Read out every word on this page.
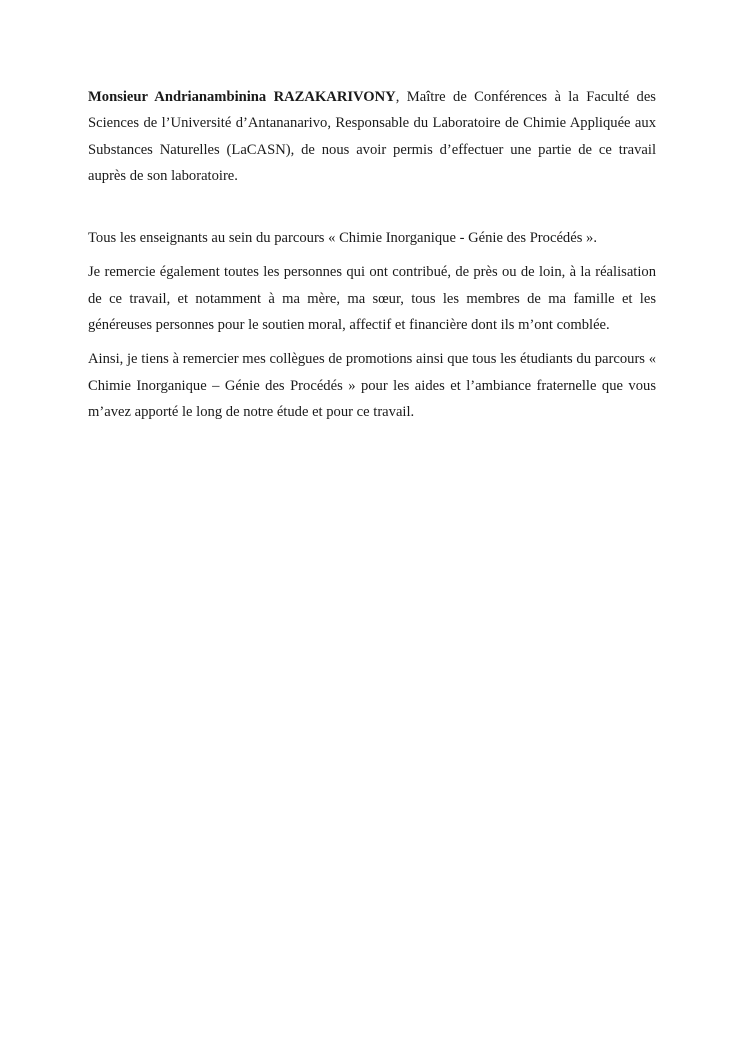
Monsieur Andrianambinina RAZAKARIVONY, Maître de Conférences à la Faculté des Sciences de l’Université d’Antananarivo, Responsable du Laboratoire de Chimie Appliquée aux Substances Naturelles (LaCASN), de nous avoir permis d’effectuer une partie de ce travail auprès de son laboratoire.

Tous les enseignants au sein du parcours « Chimie Inorganique - Génie des Procédés ».

Je remercie également toutes les personnes qui ont contribué, de près ou de loin, à la réalisation de ce travail, et notamment à ma mère, ma sœur, tous les membres de ma famille et les généreuses personnes pour le soutien moral, affectif et financière dont ils m’ont comblée.

Ainsi, je tiens à remercier mes collègues de promotions ainsi que tous les étudiants du parcours « Chimie Inorganique – Génie des Procédés » pour les aides et l’ambiance fraternelle que vous m’avez apporté le long de notre étude et pour ce travail.
